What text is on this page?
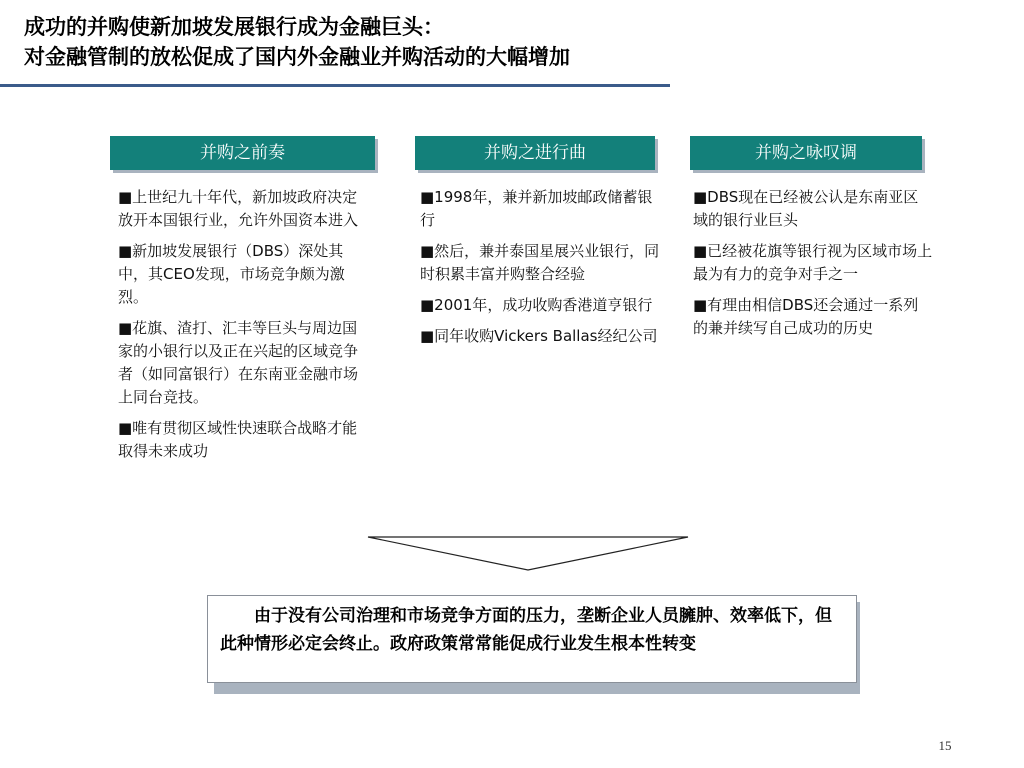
成功的并购使新加坡发展银行成为金融巨头：
对金融管制的放松促成了国内外金融业并购活动的大幅增加
并购之前奏

■上世纪九十年代，新加坡政府决定放开本国银行业，允许外国资本进入

■新加坡发展银行（DBS）深处其中，其CEO发现，市场竞争颇为激烈。

■花旗、渣打、汇丰等巨头与周边国家的小银行以及正在兴起的区域竞争者（如同富银行）在东南亚金融市场上同台竞技。

■唯有贯彻区域性快速联合战略才能取得未来成功

并购之进行曲

■1998年，兼并新加坡邮政储蓄银行

■然后，兼并泰国星展兴业银行，同时积累丰富并购整合经验

■2001年，成功收购香港道亨银行

■同年收购Vickers Ballas经纪公司

并购之咏叹调

■DBS现在已经被公认是东南亚区域的银行业巨头

■已经被花旗等银行视为区域市场上最为有力的竞争对手之一

■有理由相信DBS还会通过一系列的兼并续写自己成功的历史

由于没有公司治理和市场竞争方面的压力，垄断企业人员臃肿、效率低下，但此种情形必定会终止。政府政策常常能促成行业发生根本性转变
15
